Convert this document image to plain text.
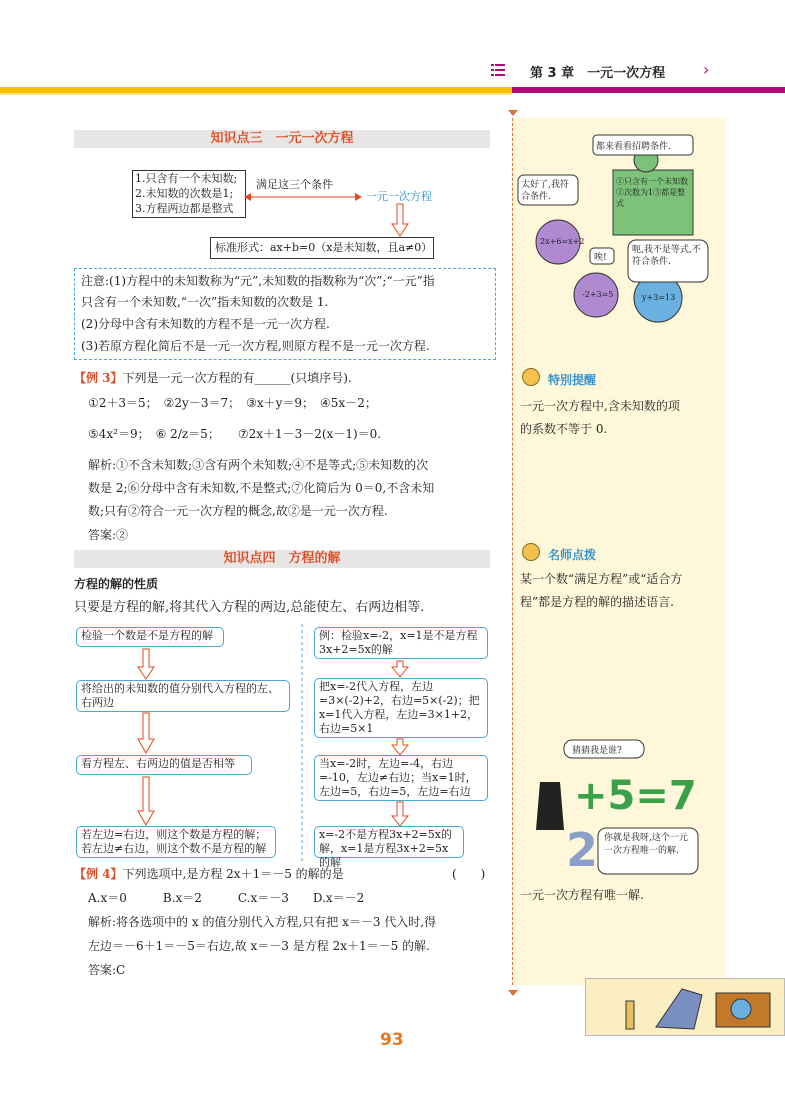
第 3 章　一元一次方程 ›
知识点三　一元一次方程
1.只含有一个未知数;
2.未知数的次数是1;
3.方程两边都是整式
满足这三个条件
一元一次方程
标准形式：ax+b=0（x是未知数，且a≠0）
注意:(1)方程中的未知数称为“元”,未知数的指数称为“次”;“一元”指
只含有一个未知数,“一次”指未知数的次数是 1.
(2)分母中含有未知数的方程不是一元一次方程.
(3)若原方程化简后不是一元一次方程,则原方程不是一元一次方程.
【例 3】下列是一元一次方程的有______(只填序号).
①2＋3＝5；　②2y－3＝7；　③x＋y＝9；　④5x－2；
⑤4x²＝9；　⑥ 2/z＝5；　　⑦2x＋1－3－2(x－1)＝0.
解析:①不含未知数;③含有两个未知数;④不是等式;⑤未知数的次
数是 2;⑥分母中含有未知数,不是整式;⑦化简后为 0＝0,不含未知
数;只有②符合一元一次方程的概念,故②是一元一次方程.
答案:②
知识点四　方程的解
方程的解的性质
只要是方程的解,将其代入方程的两边,总能使左、右两边相等.
检验一个数是不是方程的解
将给出的未知数的值分别代入方程的左、右两边
看方程左、右两边的值是否相等
若左边=右边，则这个数是方程的解；若左边≠右边，则这个数不是方程的解
例：检验x=-2，x=1是不是方程3x+2=5x的解
把x=-2代入方程，左边=3×(-2)+2，右边=5×(-2)；把x=1代入方程，左边=3×1+2，右边=5×1
当x=-2时，左边=-4，右边=-10，左边≠右边；当x=1时，左边=5，右边=5，左边=右边
x=-2不是方程3x+2=5x的解，x=1是方程3x+2=5x的解
【例 4】下列选项中,是方程 2x＋1＝－5 的解的是	(　　)
A.x＝0　　　B.x＝2　　　C.x＝－3　　D.x＝－2
解析:将各选项中的 x 的值分别代入方程,只有把 x＝－3 代入时,得
左边＝－6＋1＝－5＝右边,故 x＝－3 是方程 2x＋1＝－5 的解.
答案:C
都来看看招聘条件.
①只含有一个未知数②次数为1③都是整式
太好了,我符合条件.
呃,我不是等式,不符合条件.
唉!
2x+6=x+2
-2+3=5	y+3=13
特别提醒
一元一次方程中,含未知数的项
的系数不等于 0.
名师点拨
某一个数“满足方程”或“适合方
程”都是方程的解的描述语言.
猜猜我是谁?
+5=7
2 你就是我呀,这个一元一次方程唯一的解.
一元一次方程有唯一解.
93
